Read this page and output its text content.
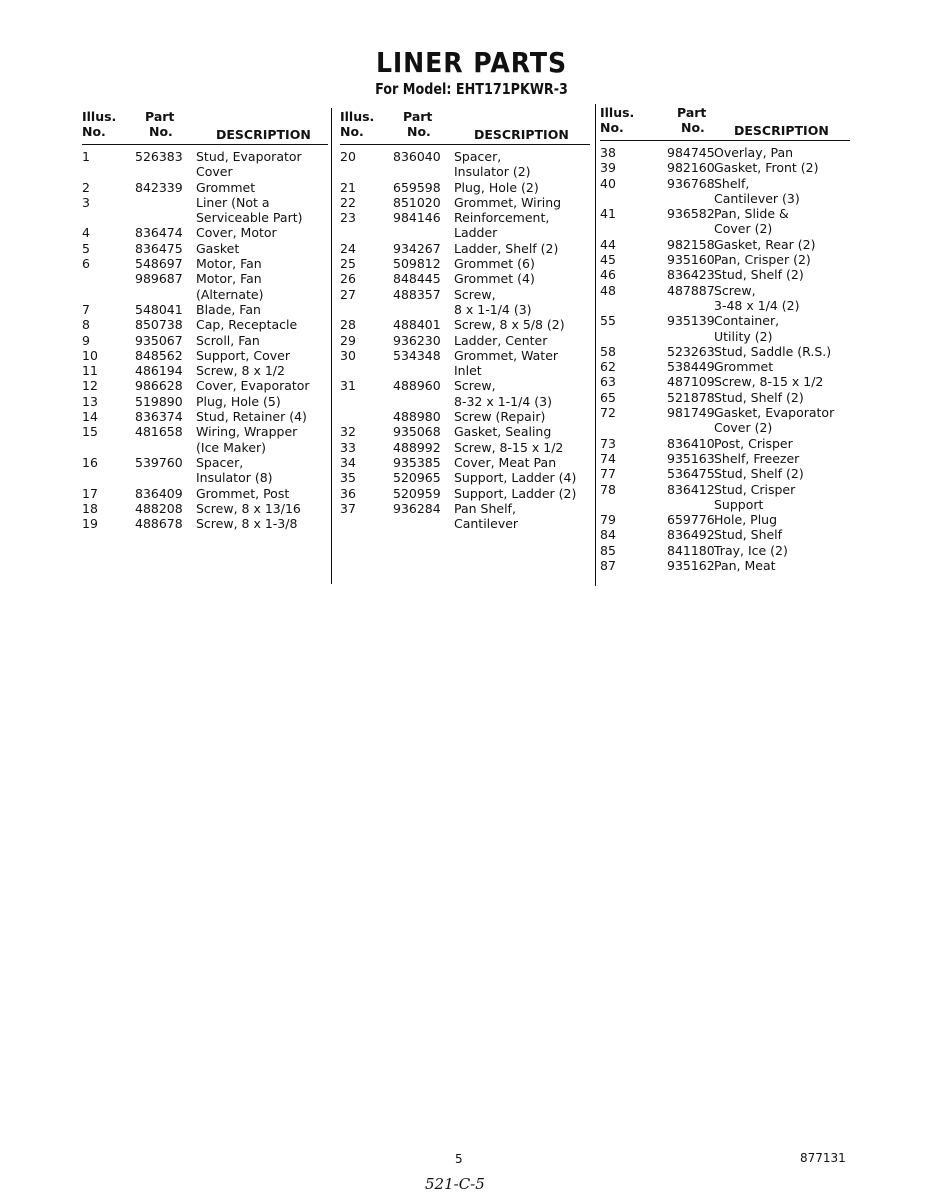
LINER PARTS
For Model: EHT171PKWR-3
Illus.
No.
Part
No.	DESCRIPTION
1	526383 Stud, Evaporator
Cover
2	842339 Grommet
3	Liner (Not a
Serviceable Part)
4	836474 Cover, Motor
5	836475 Gasket
6	548697 Motor, Fan
989687 Motor, Fan
(Alternate)
7	548041 Blade, Fan
8	850738 Cap, Receptacle
9	935067 Scroll, Fan
10	848562 Support, Cover
11	486194 Screw, 8 x 1/2
12	986628 Cover, Evaporator
13	519890 Plug, Hole (5)
14	836374 Stud, Retainer (4)
15	481658 Wiring, Wrapper
(Ice Maker)
16	539760 Spacer,
Insulator (8)
17	836409 Grommet, Post
18	488208 Screw, 8 x 13/16
19	488678 Screw, 8 x 1-3/8
Illus.
No.
Part
No.	DESCRIPTION
20	836040 Spacer,
Insulator (2)
21	659598 Plug, Hole (2)
22	851020 Grommet, Wiring
23	984146 Reinforcement,
Ladder
24	934267 Ladder, Shelf (2)
25	509812 Grommet (6)
26	848445 Grommet (4)
27	488357 Screw,
8 x 1-1/4 (3)
28	488401 Screw, 8 x 5/8 (2)
29	936230 Ladder, Center
30	534348 Grommet, Water
Inlet
31	488960 Screw,
8-32 x 1-1/4 (3)
488980 Screw (Repair)
32	935068 Gasket, Sealing
33	488992 Screw, 8-15 x 1/2
34	935385 Cover, Meat Pan
35	520965 Support, Ladder (4)
36	520959 Support, Ladder (2)
37	936284 Pan Shelf,
Cantilever
Illus.
No.
Part
No. DESCRIPTION
38	984745 Overlay, Pan
39	982160 Gasket, Front (2)
40	936768 Shelf,
Cantilever (3)
41	936582 Pan, Slide &
Cover (2)
44	982158 Gasket, Rear (2)
45	935160 Pan, Crisper (2)
46	836423 Stud, Shelf (2)
48	487887 Screw,
3-48 x 1/4 (2)
55	935139 Container,
Utility (2)
58	523263 Stud, Saddle (R.S.)
62	538449 Grommet
63	487109 Screw, 8-15 x 1/2
65	521878 Stud, Shelf (2)
72	981749 Gasket, Evaporator
Cover (2)
73	836410 Post, Crisper
74	935163 Shelf, Freezer
77	536475 Stud, Shelf (2)
78	836412 Stud, Crisper
Support
79	659776 Hole, Plug
84	836492 Stud, Shelf
85	841180 Tray, Ice (2)
87	935162 Pan, Meat
5	877131
521-C-5
